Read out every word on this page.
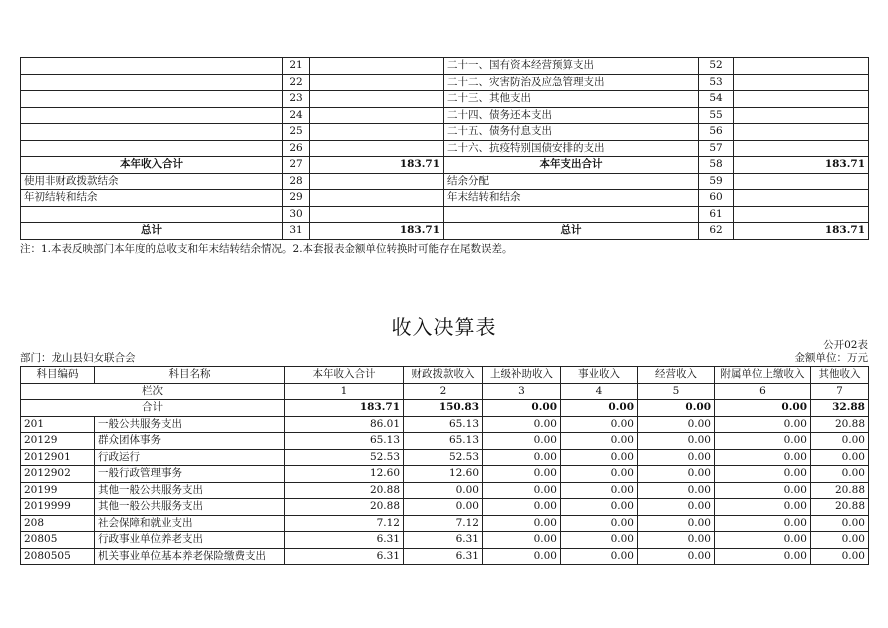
	21		二十一、国有资本经营预算支出	52	
	22		二十二、灾害防治及应急管理支出	53	
	23		二十三、其他支出	54	
	24		二十四、债务还本支出	55	
	25		二十五、债务付息支出	56	
	26		二十六、抗疫特别国债安排的支出	57	
本年收入合计	27	183.71	本年支出合计	58	183.71
使用非财政拨款结余	28		结余分配	59	
年初结转和结余	29		年末结转和结余	60	
	30			61	
总计	31	183.71	总计	62	183.71
注：1.本表反映部门本年度的总收支和年末结转结余情况。2.本套报表金额单位转换时可能存在尾数误差。
收入决算表
公开02表
部门：龙山县妇女联合会	金额单位：万元
科目编码	科目名称	本年收入合计	财政拨款收入	上级补助收入	事业收入	经营收入	附属单位上缴收入	其他收入
栏次		1	2	3	4	5	6	7
合计		183.71	150.83	0.00	0.00	0.00	0.00	32.88
201	一般公共服务支出	86.01	65.13	0.00	0.00	0.00	0.00	20.88
20129	群众团体事务	65.13	65.13	0.00	0.00	0.00	0.00	0.00
2012901	行政运行	52.53	52.53	0.00	0.00	0.00	0.00	0.00
2012902	一般行政管理事务	12.60	12.60	0.00	0.00	0.00	0.00	0.00
20199	其他一般公共服务支出	20.88	0.00	0.00	0.00	0.00	0.00	20.88
2019999	其他一般公共服务支出	20.88	0.00	0.00	0.00	0.00	0.00	20.88
208	社会保障和就业支出	7.12	7.12	0.00	0.00	0.00	0.00	0.00
20805	行政事业单位养老支出	6.31	6.31	0.00	0.00	0.00	0.00	0.00
2080505	机关事业单位基本养老保险缴费支出	6.31	6.31	0.00	0.00	0.00	0.00	0.00
